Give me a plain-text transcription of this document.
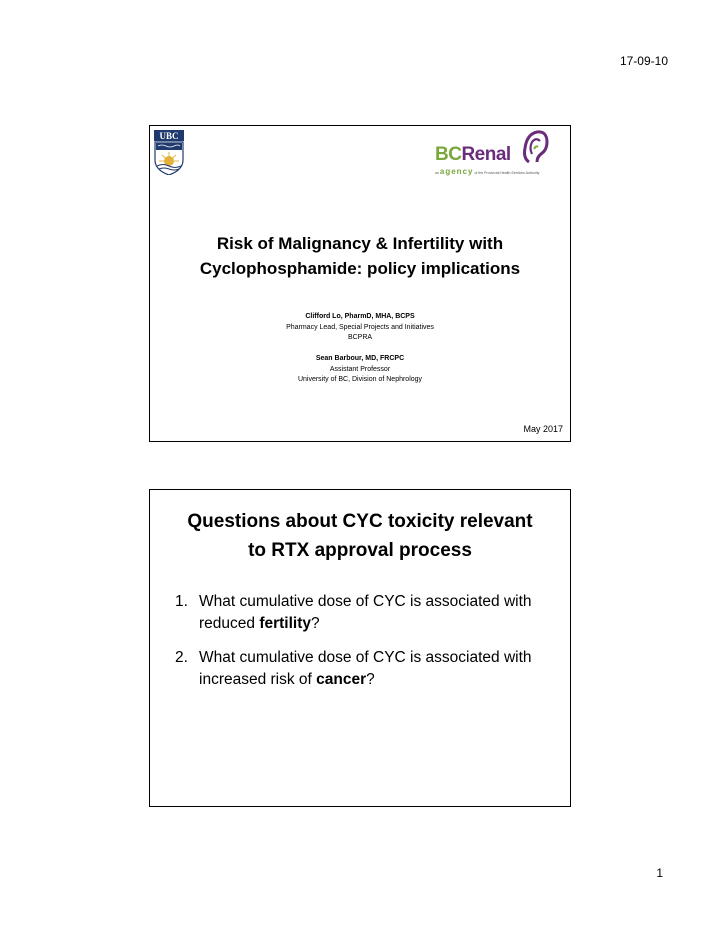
17-09-10
UBC
BCRenal
an agency of the Provincial Health Services Authority
Risk of Malignancy & Infertility with
Cyclophosphamide: policy implications
Clifford Lo, PharmD, MHA, BCPS
Pharmacy Lead, Special Projects and Initiatives
BCPRA
Sean Barbour, MD, FRCPC
Assistant Professor
University of BC, Division of Nephrology
May 2017
Questions about CYC toxicity relevant
to RTX approval process
1. What cumulative dose of CYC is associated with reduced fertility?
2. What cumulative dose of CYC is associated with increased risk of cancer?
1
